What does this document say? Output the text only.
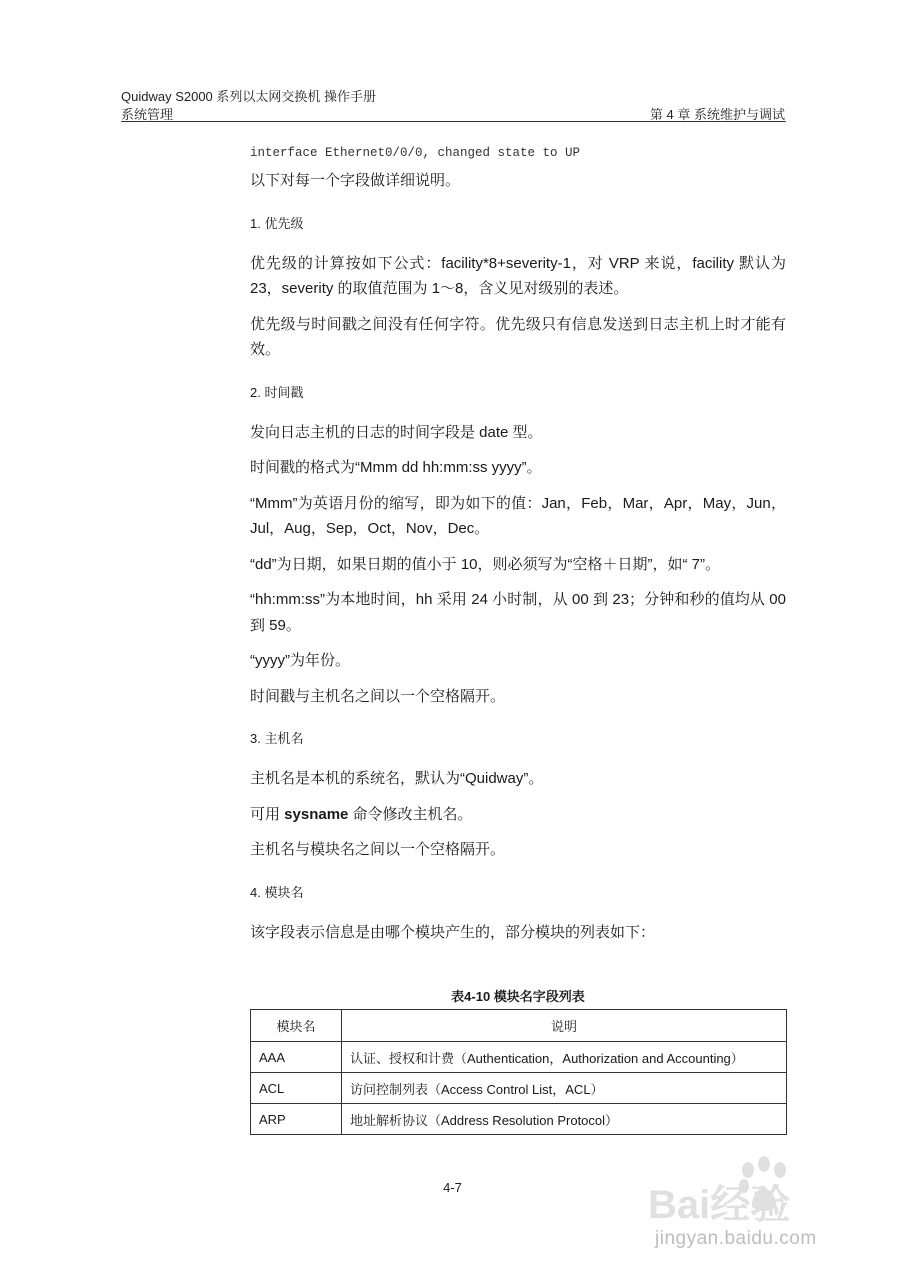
Quidway S2000 系列以太网交换机 操作手册
系统管理	第 4 章 系统维护与调试

interface Ethernet0/0/0, changed state to UP

以下对每一个字段做详细说明。

1. 优先级

优先级的计算按如下公式：facility*8+severity-1，对 VRP 来说，facility 默认为 23，severity 的取值范围为 1～8，含义见对级别的表述。

优先级与时间戳之间没有任何字符。优先级只有信息发送到日志主机上时才能有效。

2. 时间戳

发向日志主机的日志的时间字段是 date 型。

时间戳的格式为“Mmm dd hh:mm:ss yyyy”。

“Mmm”为英语月份的缩写，即为如下的值：Jan，Feb，Mar，Apr，May，Jun，Jul，Aug，Sep，Oct，Nov，Dec。

“dd”为日期，如果日期的值小于 10，则必须写为“空格＋日期”，如“ 7”。

“hh:mm:ss”为本地时间，hh 采用 24 小时制，从 00 到 23；分钟和秒的值均从 00 到 59。

“yyyy”为年份。

时间戳与主机名之间以一个空格隔开。

3. 主机名

主机名是本机的系统名，默认为“Quidway”。

可用 sysname 命令修改主机名。

主机名与模块名之间以一个空格隔开。

4. 模块名

该字段表示信息是由哪个模块产生的，部分模块的列表如下：

表4-10 模块名字段列表
模块名	说明
AAA	认证、授权和计费（Authentication，Authorization and Accounting）
ACL	访问控制列表（Access Control List，ACL）
ARP	地址解析协议（Address Resolution Protocol）
4-7	Bai经验
jingyan.baidu.com
